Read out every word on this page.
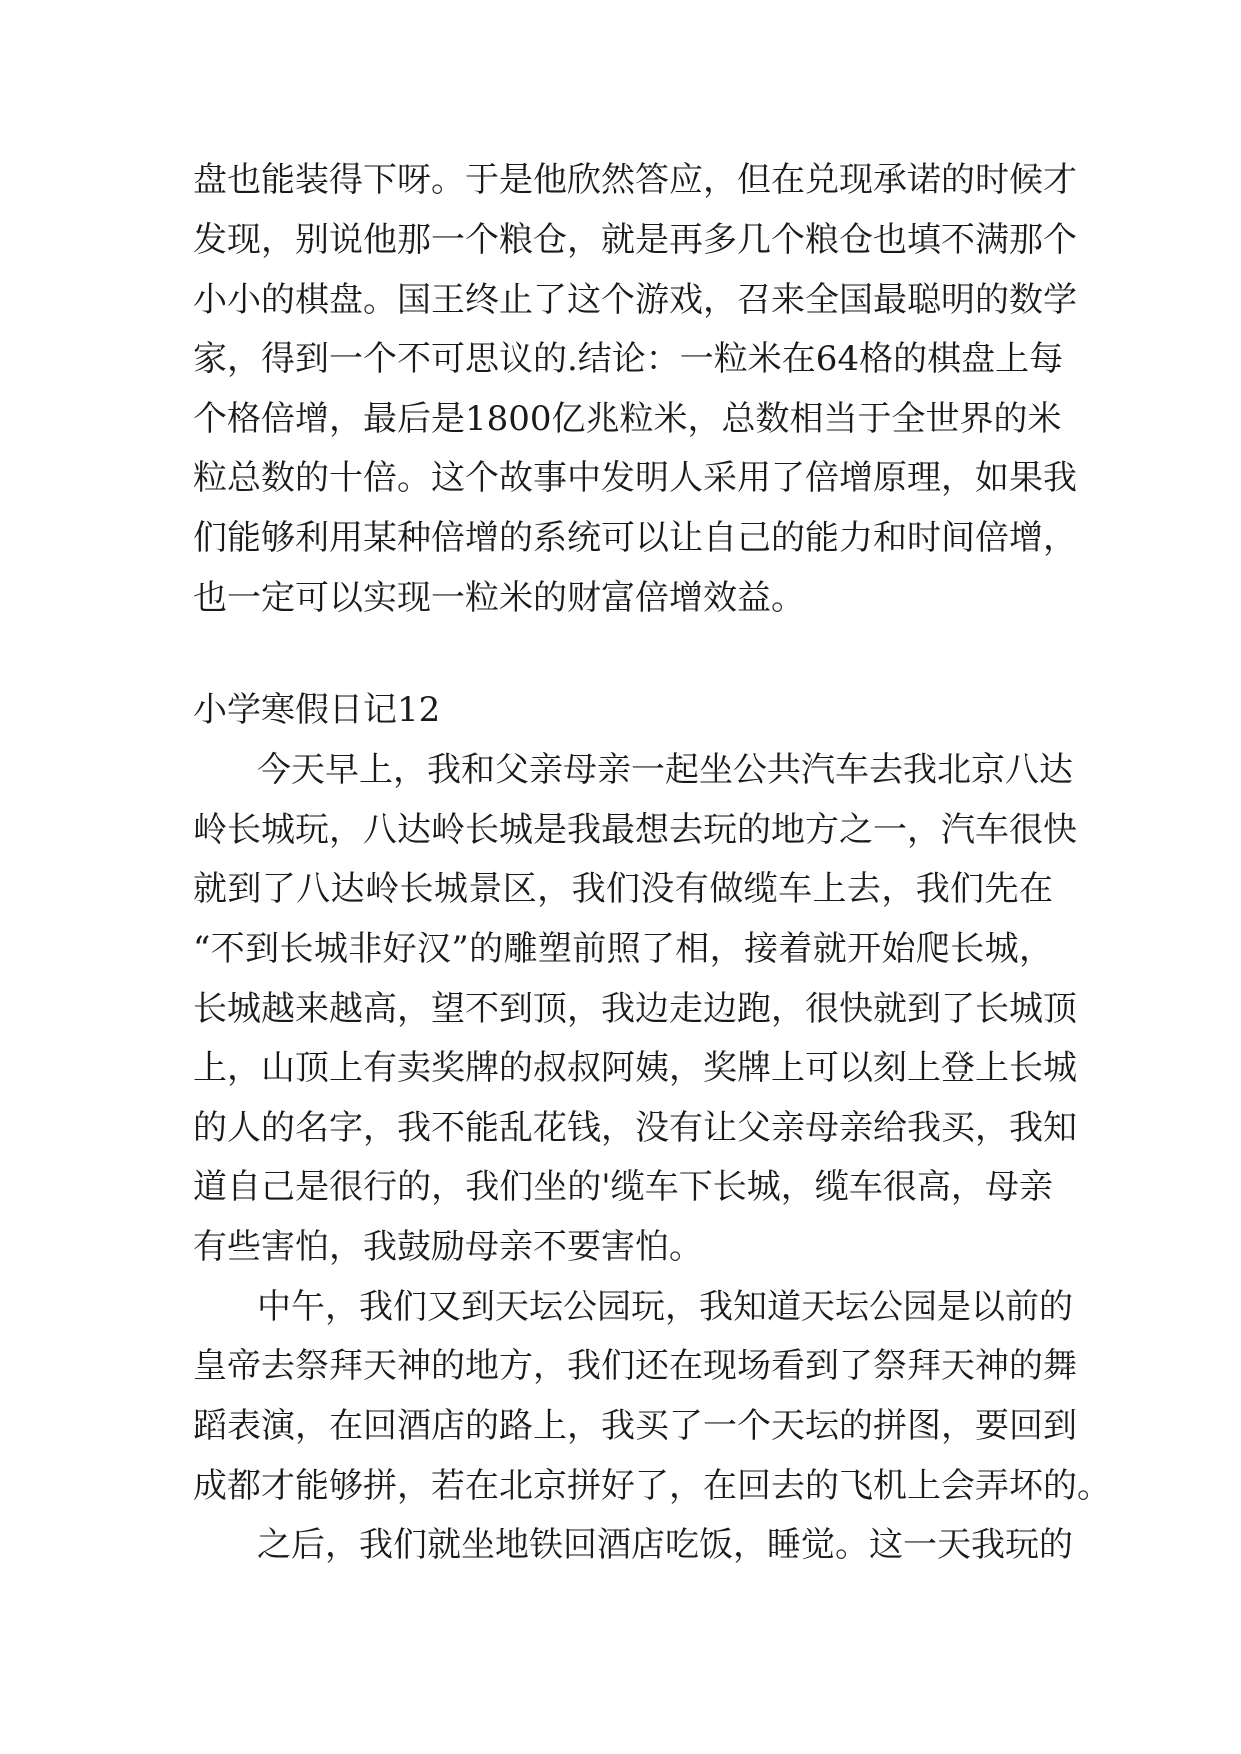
盘也能装得下呀。于是他欣然答应，但在兑现承诺的时候才
发现，别说他那一个粮仓，就是再多几个粮仓也填不满那个
小小的棋盘。国王终止了这个游戏，召来全国最聪明的数学
家，得到一个不可思议的.结论：一粒米在64格的棋盘上每
个格倍增，最后是1800亿兆粒米，总数相当于全世界的米
粒总数的十倍。这个故事中发明人采用了倍增原理，如果我
们能够利用某种倍增的系统可以让自己的能力和时间倍增，
也一定可以实现一粒米的财富倍增效益。
小学寒假日记12
今天早上，我和父亲母亲一起坐公共汽车去我北京八达
岭长城玩，八达岭长城是我最想去玩的地方之一，汽车很快
就到了八达岭长城景区，我们没有做缆车上去，我们先在
“不到长城非好汉”的雕塑前照了相，接着就开始爬长城，
长城越来越高，望不到顶，我边走边跑，很快就到了长城顶
上，山顶上有卖奖牌的叔叔阿姨，奖牌上可以刻上登上长城
的人的名字，我不能乱花钱，没有让父亲母亲给我买，我知
道自己是很行的，我们坐的'缆车下长城，缆车很高，母亲
有些害怕，我鼓励母亲不要害怕。
中午，我们又到天坛公园玩，我知道天坛公园是以前的
皇帝去祭拜天神的地方，我们还在现场看到了祭拜天神的舞
蹈表演，在回酒店的路上，我买了一个天坛的拼图，要回到
成都才能够拼，若在北京拼好了，在回去的飞机上会弄坏的。
之后，我们就坐地铁回酒店吃饭，睡觉。这一天我玩的
